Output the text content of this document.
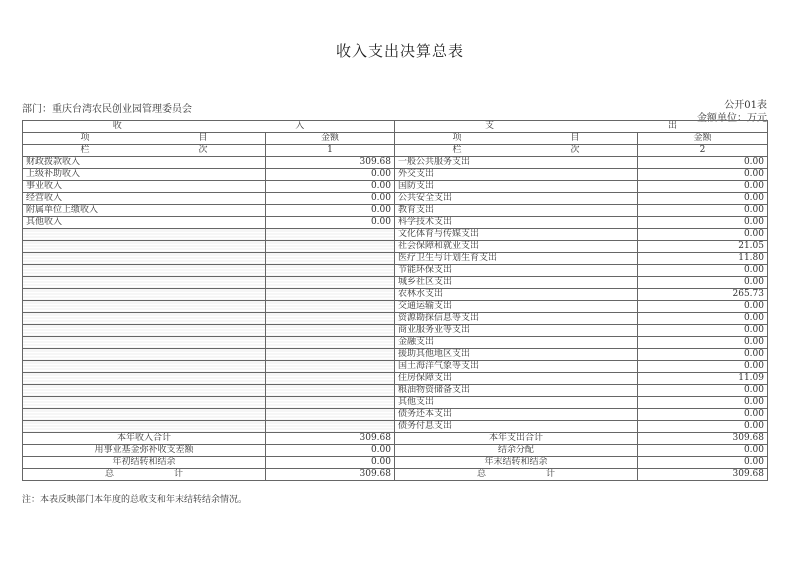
收入支出决算总表
部门：重庆台湾农民创业园管理委员会	公开01表
金额单位：万元
收 入		支 出	

项 目	金额	项 目	金额

栏 次	1	栏 次	2
财政拨款收入	309.68	一般公共服务支出	0.00
上级补助收入	0.00	外交支出	0.00
事业收入	0.00	国防支出	0.00
经营收入	0.00	公共安全支出	0.00
附属单位上缴收入	0.00	教育支出	0.00
其他收入	0.00	科学技术支出	0.00
		文化体育与传媒支出	0.00
		社会保障和就业支出	21.05
		医疗卫生与计划生育支出	11.80
		节能环保支出	0.00
		城乡社区支出	0.00
		农林水支出	265.73
		交通运输支出	0.00
		资源勘探信息等支出	0.00
		商业服务业等支出	0.00
		金融支出	0.00
		援助其他地区支出	0.00
		国土海洋气象等支出	0.00
		住房保障支出	11.09
		粮油物资储备支出	0.00
		其他支出	0.00
		债务还本支出	0.00
		债务付息支出	0.00
本年收入合计	309.68	本年支出合计	309.68
用事业基金弥补收支差额	0.00	结余分配	0.00
年初结转和结余	0.00	年末结转和结余	0.00

总 计	309.68	总 计	309.68
注：本表反映部门本年度的总收支和年末结转结余情况。
